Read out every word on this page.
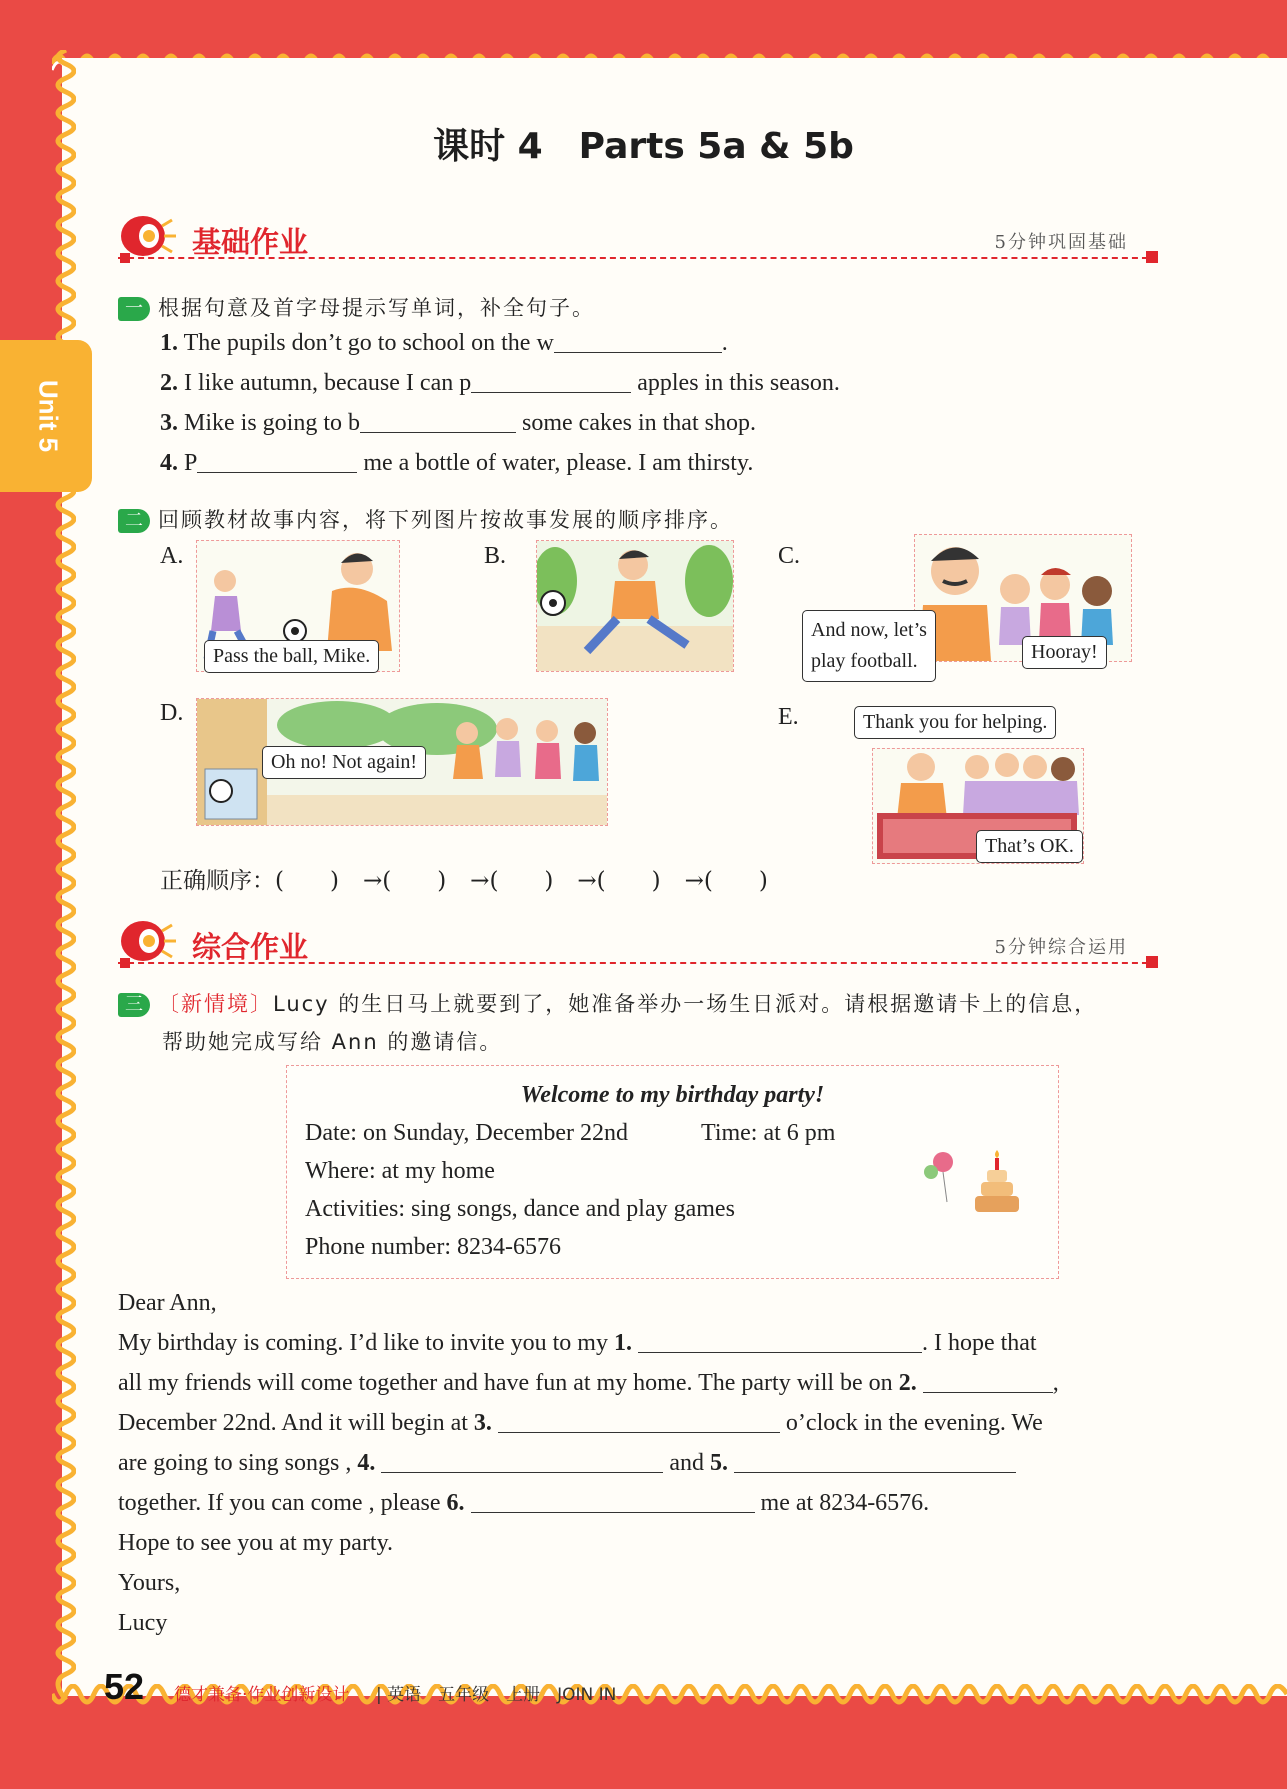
Unit 5
课时 4　Parts 5a & 5b
基础作业	5分钟巩固基础
一 根据句意及首字母提示写单词，补全句子。
1. The pupils don’t go to school on the w	.
2. I like autumn, because I can p	apples in this season.
3. Mike is going to b	some cakes in that shop.
4. P	me a bottle of water, please. I am thirsty.
二 回顾教材故事内容，将下列图片按故事发展的顺序排序。
A.
Pass the ball, Mike.
B.	C.
And now, let’s
play football.	Hooray!
D.
Oh no! Not again!
E.	Thank you for helping.
That’s OK.
正确顺序：(　　) →(　　) →(　　) →(　　) →(　　)
综合作业	5分钟综合运用
三 〔新情境〕Lucy 的生日马上就要到了，她准备举办一场生日派对。请根据邀请卡上的信息，
帮助她完成写给 Ann 的邀请信。
Welcome to my birthday party!
Date: on Sunday, December 22nd	Time: at 6 pm
Where: at my home
Activities: sing songs, dance and play games
Phone number: 8234-6576
Dear Ann,
My birthday is coming. I’d like to invite you to my 1.	. I hope that
all my friends will come together and have fun at my home. The party will be on 2.	,
December 22nd. And it will begin at 3.	o’clock in the evening. We
are going to sing songs , 4.	and 5.
together. If you can come , please 6.	me at 8234-6576.
Hope to see you at my party.
Yours,
Lucy
52 德才兼备·作业创新设计 | 英语　五年级　上册　JOIN IN
